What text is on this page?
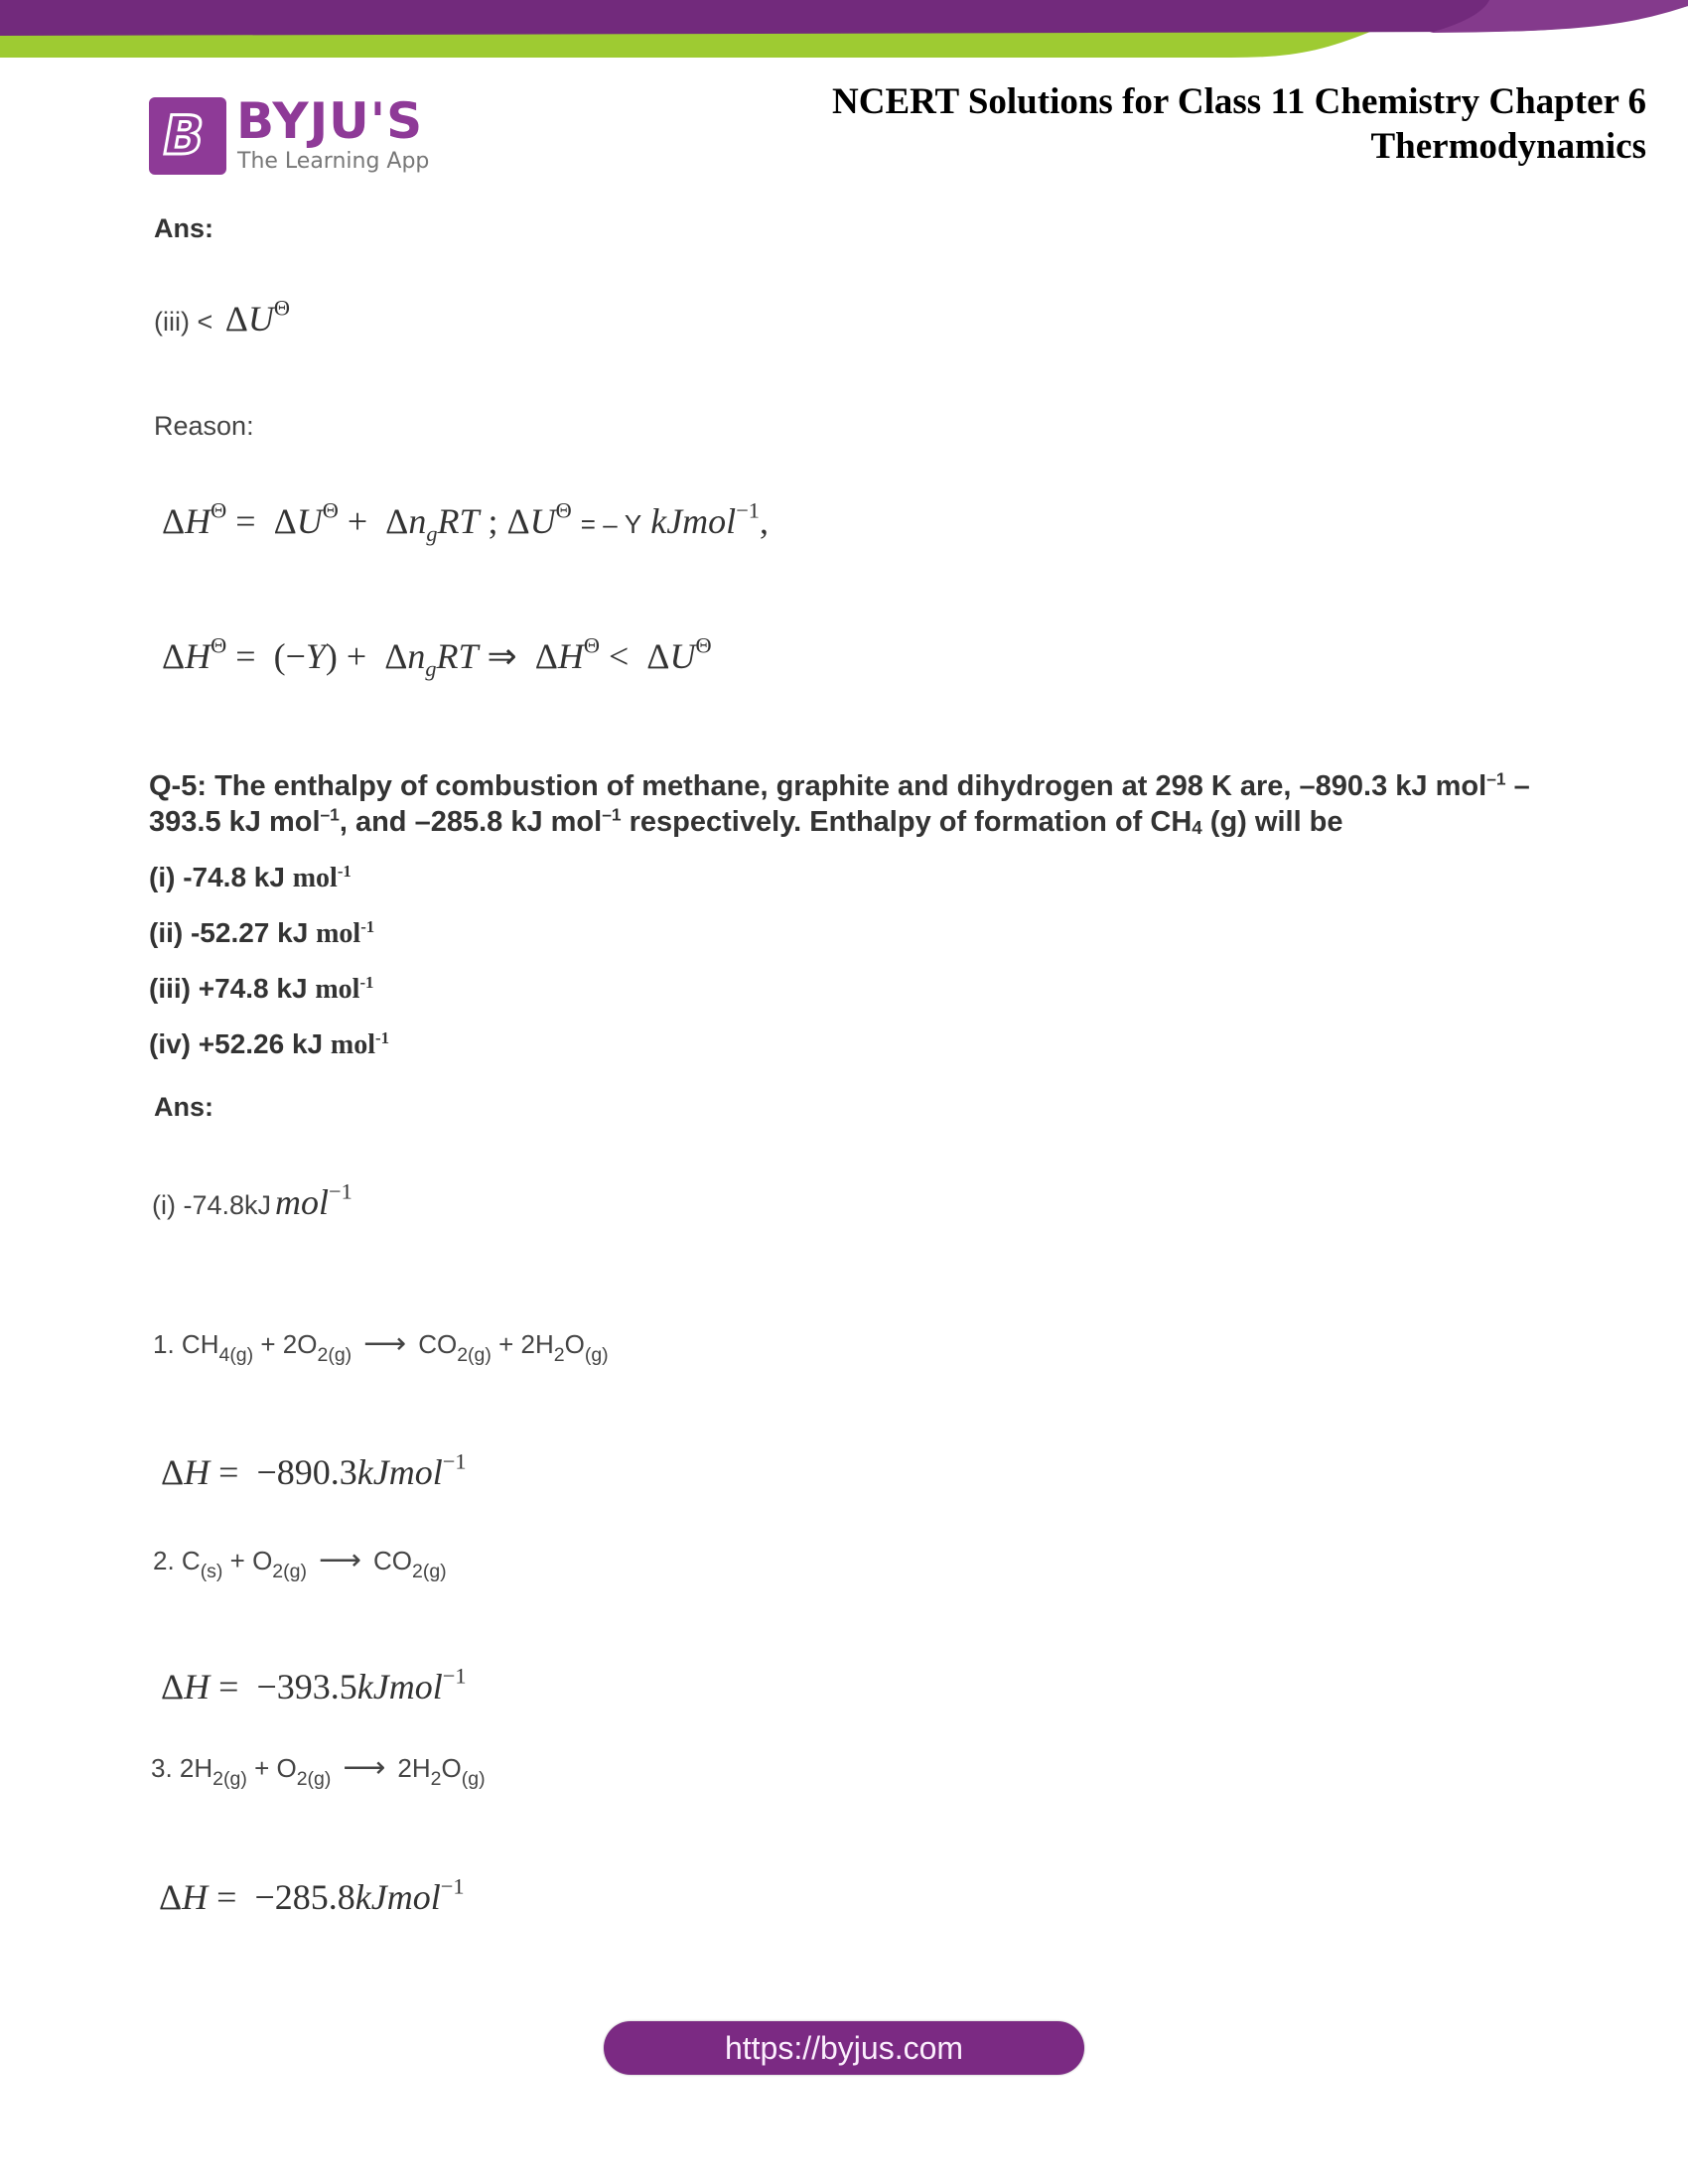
B BYJU'S
The Learning App
NCERT Solutions for Class 11 Chemistry Chapter 6
Thermodynamics
Ans:
$(iii) < \Delta U^\Theta$
Reason:
$\Delta H^\Theta = \Delta U^\Theta + \Delta n_gRT$ ; $\Delta U^\Theta$ = – Y kJmol$^{-1}$,
$\Delta H^\Theta = (-Y) + \Delta n_gRT$ ⇒  $\Delta H^\Theta < \Delta U^\Theta$
Q-5: The enthalpy of combustion of methane, graphite and dihydrogen at 298 K are, –890.3 kJ mol$^{-1}$ –393.5 kJ mol$^{-1}$, and –285.8 kJ mol$^{-1}$ respectively. Enthalpy of formation of $CH_4$ (g) will be
(i) -74.8 kJ mol$^{-1}$
(ii) -52.27 kJ mol$^{-1}$
(iii) +74.8 kJ mol$^{-1}$
(iv) +52.26 kJ mol$^{-1}$
Ans:
(i) -74.8kJ mol$^{-1}$
1. $CH_{4(g)} + 2O_{2(g)}$ ⟶ $CO_{2(g)} + 2H_2O_{(g)}$
ΔH =  −890.3kJmol$^{-1}$
2. $C_{(s)} + O_{2(g)}$ ⟶ $CO_{2(g)}$
ΔH =  −393.5kJmol$^{-1}$
3. $2H_{2(g)} + O_{2(g)}$ ⟶ $2H_2O_{(g)}$
ΔH =  −285.8kJmol$^{-1}$
https://byjus.com
